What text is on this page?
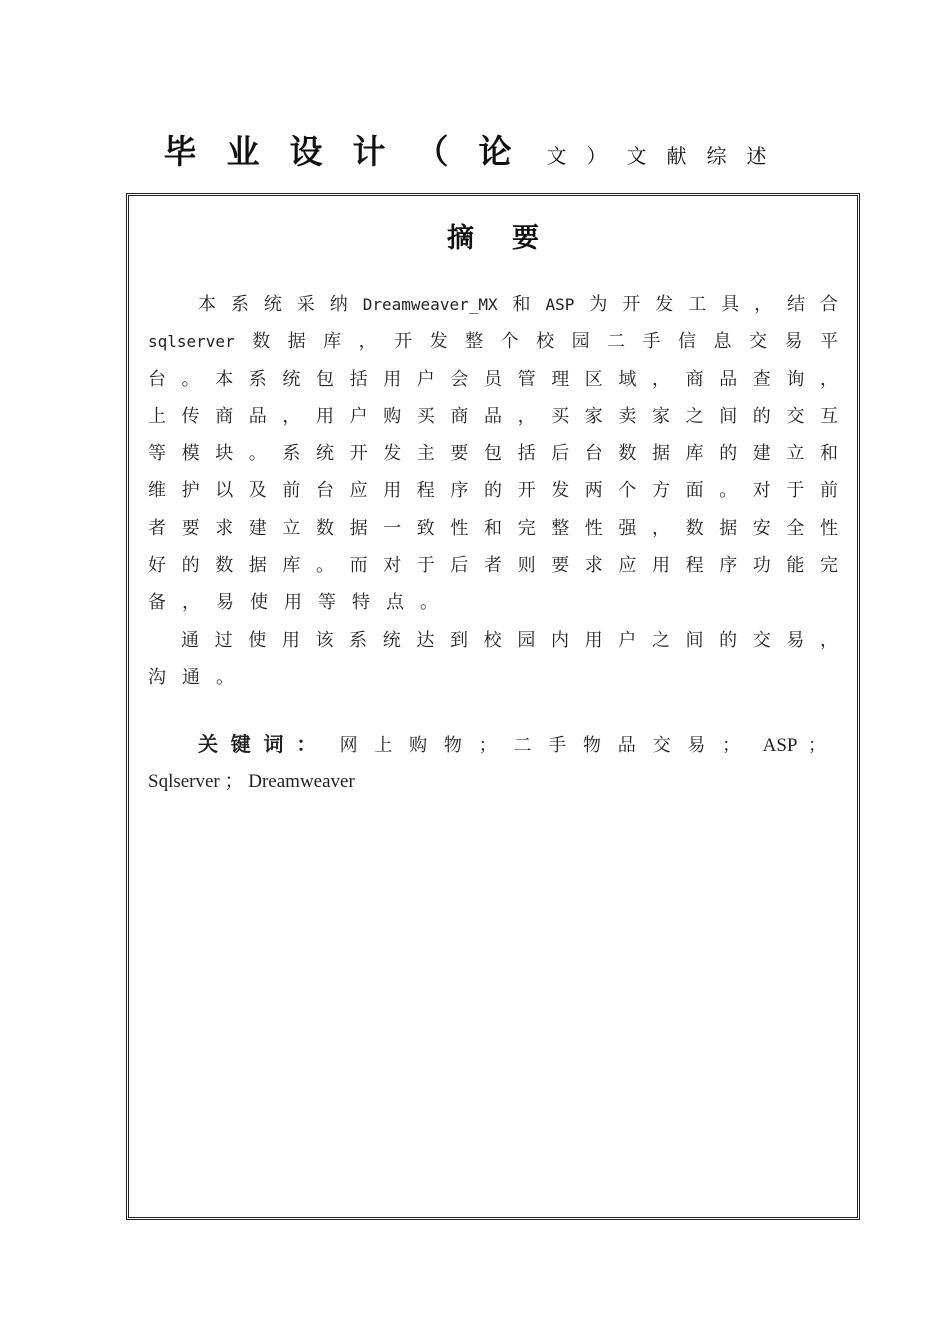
毕业设计（论 文）文献综述
摘要
本系统采纳Dreamweaver_MX和ASP为开发工具，结合
sqlserver数据库，开发整个校园二手信息交易平
台。本系统包括用户会员管理区域，商品查询，
上传商品，用户购买商品，买家卖家之间的交互
等模块。系统开发主要包括后台数据库的建立和
维护以及前台应用程序的开发两个方面。对于前
者要求建立数据一致性和完整性强，数据安全性
好的数据库。而对于后者则要求应用程序功能完
备，易使用等特点。
通过使用该系统达到校园内用户之间的交易，
沟通。
关键词： 网上购物；二手物品交易； ASP ；
Sqlserver ； Dreamweaver
